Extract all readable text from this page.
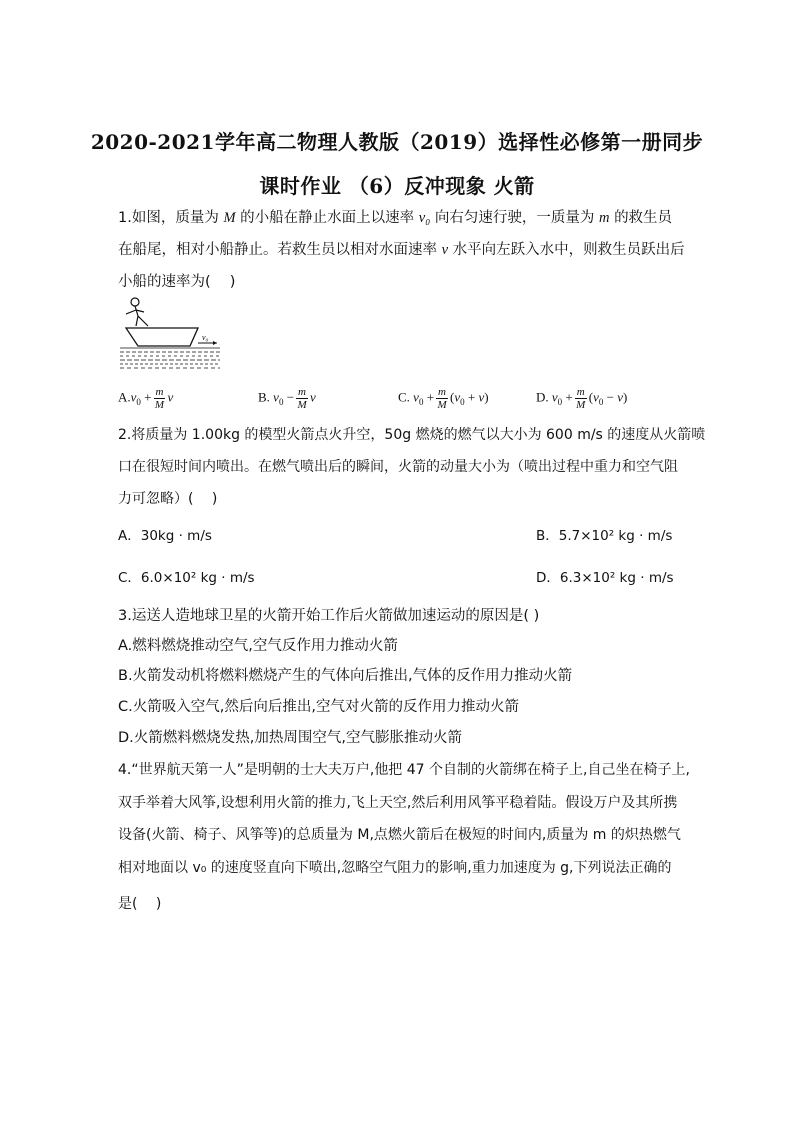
2020-2021学年高二物理人教版（2019）选择性必修第一册同步
课时作业 （6）反冲现象 火箭
1.如图，质量为 M 的小船在静止水面上以速率 v₀ 向右匀速行驶，一质量为 m 的救生员
在船尾，相对小船静止。若救生员以相对水面速率 v 水平向左跃入水中，则救生员跃出后
小船的速率为(　 )
v₀
$A.v_0 + \frac{m}{M}$ v	B. $v_0 - \frac{m}{M}$ v	C. $v_0 + \frac{m}{M} (v_0 + v)$	D. $v_0 + \frac{m}{M} (v_0 - v)$
2.将质量为 1.00kg 的模型火箭点火升空，50g 燃烧的燃气以大小为 600 m/s 的速度从火箭喷
口在很短时间内喷出。在燃气喷出后的瞬间，火箭的动量大小为（喷出过程中重力和空气阻
力可忽略）(　 )
A．30kg · m/s	B．5.7×10² kg · m/s
C．6.0×10² kg · m/s	D．6.3×10² kg · m/s
3.运送人造地球卫星的火箭开始工作后火箭做加速运动的原因是( )
A.燃料燃烧推动空气,空气反作用力推动火箭
B.火箭发动机将燃料燃烧产生的气体向后推出,气体的反作用力推动火箭
C.火箭吸入空气,然后向后推出,空气对火箭的反作用力推动火箭
D.火箭燃料燃烧发热,加热周围空气,空气膨胀推动火箭
4.“世界航天第一人”是明朝的士大夫万户,他把 47 个自制的火箭绑在椅子上,自己坐在椅子上,
双手举着大风筝,设想利用火箭的推力,飞上天空,然后利用风筝平稳着陆。假设万户及其所携
设备(火箭、椅子、风筝等)的总质量为 M,点燃火箭后在极短的时间内,质量为 m 的炽热燃气
相对地面以 v₀ 的速度竖直向下喷出,忽略空气阻力的影响,重力加速度为 g,下列说法正确的
是(　 )
